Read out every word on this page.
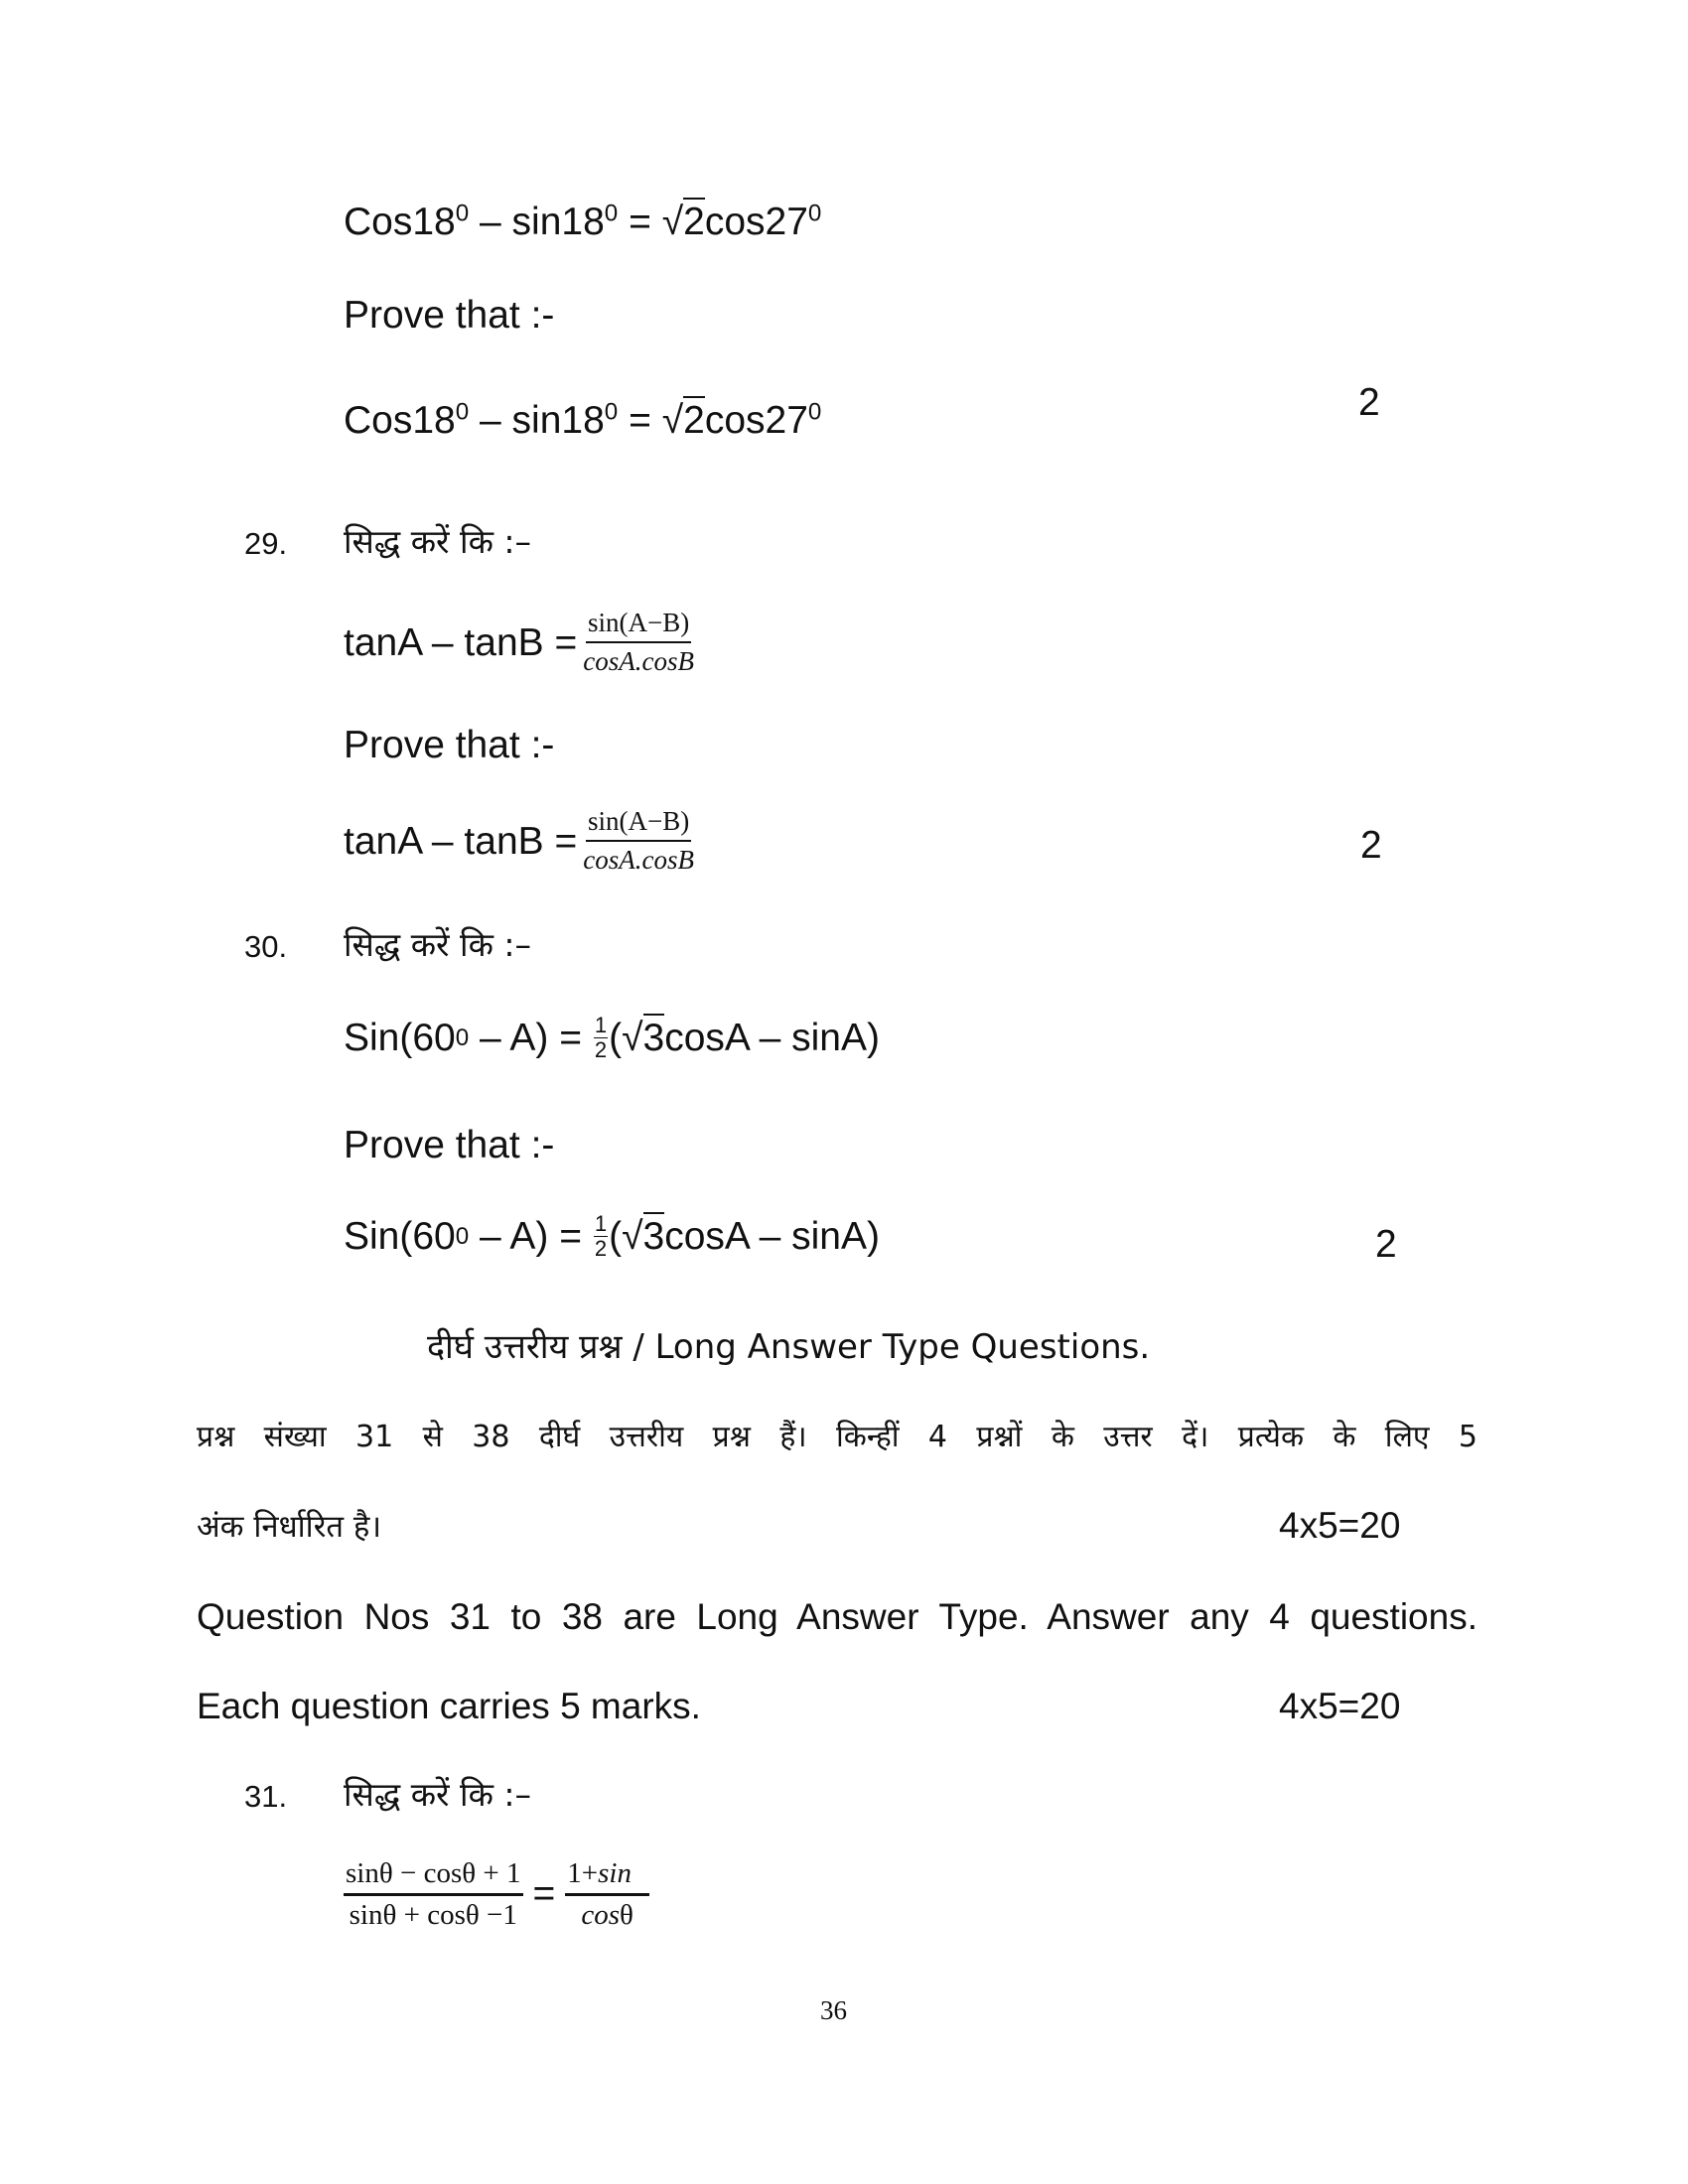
$Cos18^0 - \sin 18^0 = √2\cos 27^0$
Prove that :-
$Cos18^0 - \sin 18^0 = √2\cos 27^0$	2
29. सिद्ध करें कि :–
$\tan A - \tan B = \frac{\sin(A-B)}{\cos A.\cos B}$
Prove that :-
$\tan A - \tan B = \frac{\sin(A-B)}{\cos A.\cos B}$	2
30. सिद्ध करें कि :–
Sin(60 $0 - A) = \frac{1}{2}$ ( √3 cosA – sinA)
Prove that :-
Sin(60 $0 - A) = \frac{1}{2}$ ( √3 cosA – sinA)	2
दीर्घ उत्तरीय प्रश्न / Long Answer Type Questions.
प्रश्न संख्या 31 से 38 दीर्घ उत्तरीय प्रश्न हैं। किन्हीं 4 प्रश्नों के उत्तर दें। प्रत्येक के लिए 5
अंक निर्धारित है।	4x5=20
Question Nos 31 to 38 are Long Answer Type. Answer any 4 questions.
Each question carries 5 marks.	4x5=20
31. सिद्ध करें कि :–
$\frac{\sin\theta - \cos\theta + 1}{\sin\theta + \cos\theta -1} = \frac{1+\sin}{\cos\theta}$
36
